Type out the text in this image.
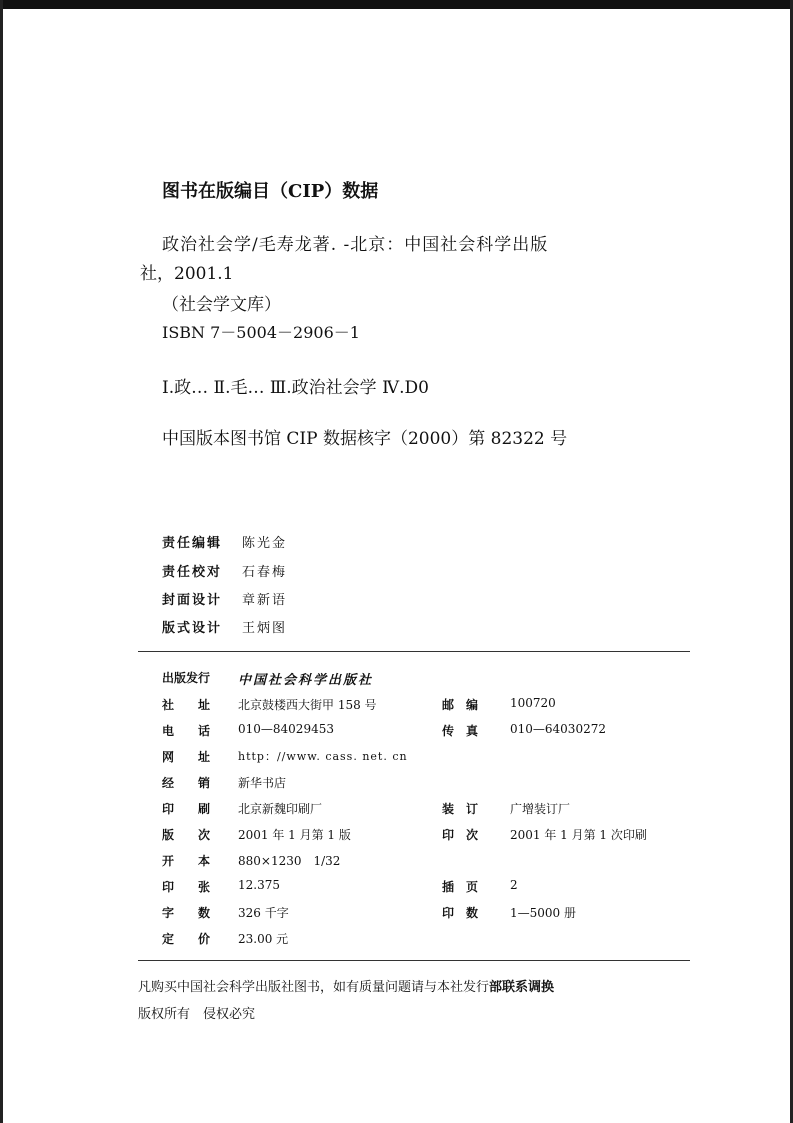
图书在版编目（CIP）数据
政治社会学/毛寿龙著. -北京：中国社会科学出版
社，2001.1
（社会学文库）
ISBN 7－5004－2906－1
Ⅰ.政… Ⅱ.毛… Ⅲ.政治社会学 Ⅳ.D0
中国版本图书馆 CIP 数据核字（2000）第 82322 号
责任编辑 陈光金
责任校对 石春梅
封面设计 章新语
版式设计 王炳图
出版发行	中国社会科学出版社
社　　址	北京鼓楼西大街甲 158 号	邮　编	100720
电　　话	010—84029453	传　真	010—64030272
网　　址	http：//www. cass. net. cn
经　　销	新华书店
印　　刷	北京新魏印刷厂	装　订	广增装订厂
版　　次	2001 年 1 月第 1 版	印　次	2001 年 1 月第 1 次印刷
开　　本	880×1230　1/32
印　　张	12.375	插　页	2
字　　数	326 千字	印　数	1—5000 册
定　　价	23.00 元
凡购买中国社会科学出版社图书，如有质量问题请与本社发行部联系调换
版权所有　侵权必究
